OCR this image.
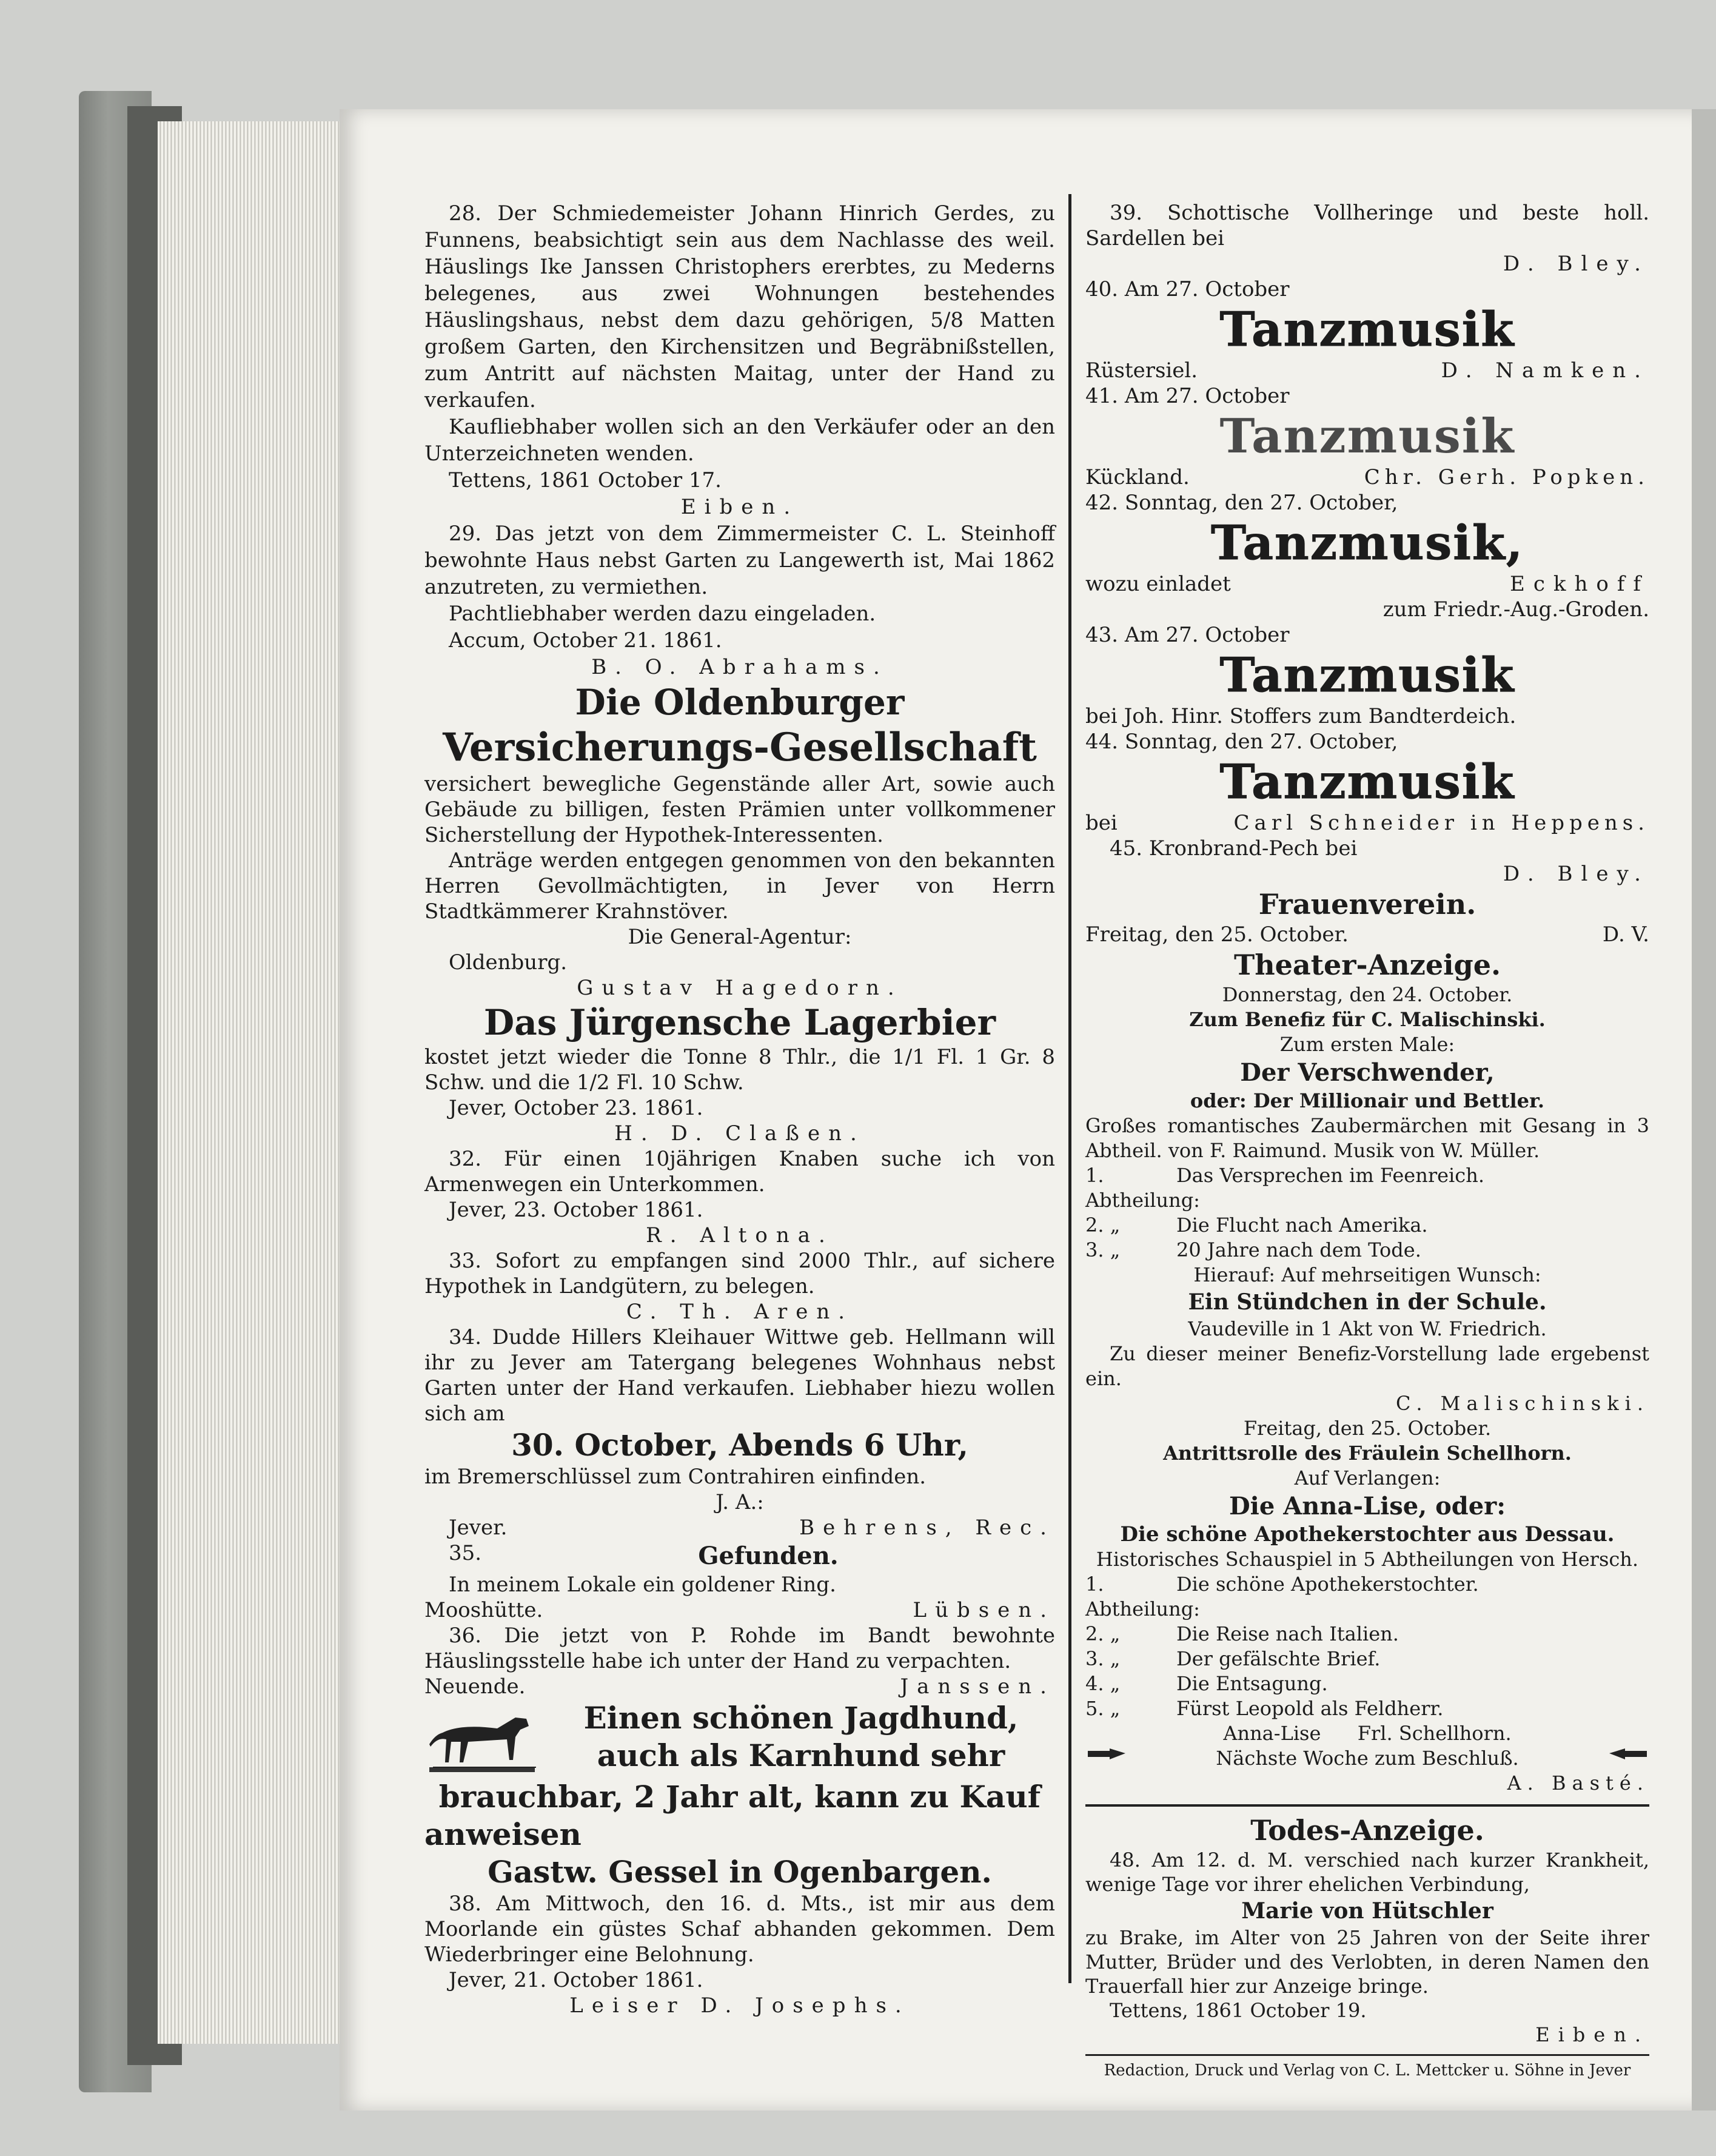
28. Der Schmiedemeister Johann Hinrich Gerdes, zu Funnens, beabsichtigt sein aus dem Nachlasse des weil. Häuslings Ike Janssen Christophers ererbtes, zu Mederns belegenes, aus zwei Wohnungen bestehendes Häuslingshaus, nebst dem dazu gehörigen, 5/8 Matten großem Garten, den Kirchensitzen und Begräbnißstellen, zum Antritt auf nächsten Maitag, unter der Hand zu verkaufen.

Kaufliebhaber wollen sich an den Verkäufer oder an den Unterzeichneten wenden.

Tettens, 1861 October 17.

Eiben.

29. Das jetzt von dem Zimmermeister C. L. Steinhoff bewohnte Haus nebst Garten zu Langewerth ist, Mai 1862 anzutreten, zu vermiethen.

Pachtliebhaber werden dazu eingeladen.

Accum, October 21. 1861.

B. O. Abrahams.

Die Oldenburger

Versicherungs-Gesellschaft

versichert bewegliche Gegenstände aller Art, sowie auch Gebäude zu billigen, festen Prämien unter vollkommener Sicherstellung der Hypothek-Interessenten.

Anträge werden entgegen genommen von den bekannten Herren Gevollmächtigten, in Jever von Herrn Stadtkämmerer Krahnstöver.

Die General-Agentur:

Oldenburg.

Gustav Hagedorn.

Das Jürgensche Lagerbier

kostet jetzt wieder die Tonne 8 Thlr., die 1/1 Fl. 1 Gr. 8 Schw. und die 1/2 Fl. 10 Schw.

Jever, October 23. 1861.

H. D. Claßen.

32. Für einen 10jährigen Knaben suche ich von Armenwegen ein Unterkommen.

Jever, 23. October 1861.

R. Altona.

33. Sofort zu empfangen sind 2000 Thlr., auf sichere Hypothek in Landgütern, zu belegen.

C. Th. Aren.

34. Dudde Hillers Kleihauer Wittwe geb. Hellmann will ihr zu Jever am Tatergang belegenes Wohnhaus nebst Garten unter der Hand verkaufen. Liebhaber hiezu wollen sich am

30. October, Abends 6 Uhr,

im Bremerschlüssel zum Contrahiren einfinden.

J. A.:

Jever.	Behrens, Rec.
35.	Gefunden.

In meinem Lokale ein goldener Ring.

Mooshütte.	Lübsen.

36. Die jetzt von P. Rohde im Bandt bewohnte Häuslingsstelle habe ich unter der Hand zu verpachten.

Neuende.	Janssen.

Einen schönen Jagdhund,

auch als Karnhund sehr

brauchbar, 2 Jahr alt, kann zu Kauf

anweisen

Gastw. Gessel in Ogenbargen.

38. Am Mittwoch, den 16. d. Mts., ist mir aus dem Moorlande ein güstes Schaf abhanden gekommen. Dem Wiederbringer eine Belohnung.

Jever, 21. October 1861.

Leiser D. Josephs.

39. Schottische Vollheringe und beste holl. Sardellen bei

D. Bley.

40. Am 27. October

Tanzmusik

Rüstersiel.	D. Namken.

41. Am 27. October

Tanzmusik

Kückland.	Chr. Gerh. Popken.

42. Sonntag, den 27. October,

Tanzmusik,

wozu einladet	Eckhoff

zum Friedr.-Aug.-Groden.

43. Am 27. October

Tanzmusik

bei Joh. Hinr. Stoffers zum Bandterdeich.

44. Sonntag, den 27. October,

Tanzmusik

bei	Carl Schneider in Heppens.

45. Kronbrand-Pech bei

D. Bley.

Frauenverein.

Freitag, den 25. October.	D. V.

Theater-Anzeige.

Donnerstag, den 24. October.

Zum Benefiz für C. Malischinski.

Zum ersten Male:

Der Verschwender,

oder: Der Millionair und Bettler.

Großes romantisches Zaubermärchen mit Gesang in 3 Abtheil. von F. Raimund. Musik von W. Müller.

1. Abtheilung:
Das Versprechen im Feenreich.
2. „	Die Flucht nach Amerika.
3. „	20 Jahre nach dem Tode.

Hierauf: Auf mehrseitigen Wunsch:

Ein Stündchen in der Schule.

Vaudeville in 1 Akt von W. Friedrich.

Zu dieser meiner Benefiz-Vorstellung lade ergebenst ein.

C. Malischinski.

Freitag, den 25. October.

Antrittsrolle des Fräulein Schellhorn.

Auf Verlangen:

Die Anna-Lise, oder:

Die schöne Apothekerstochter aus Dessau.

Historisches Schauspiel in 5 Abtheilungen von Hersch.

1. Abtheilung:
Die schöne Apothekerstochter.
2. „	Die Reise nach Italien.
3. „	Der gefälschte Brief.
4. „	Die Entsagung.
5. „	Fürst Leopold als Feldherr.
Anna-Lise Frl. Schellhorn.
Nächste Woche zum Beschluß.

A. Basté.

Todes-Anzeige.

48. Am 12. d. M. verschied nach kurzer Krankheit, wenige Tage vor ihrer ehelichen Verbindung,

Marie von Hütschler

zu Brake, im Alter von 25 Jahren von der Seite ihrer Mutter, Brüder und des Verlobten, in deren Namen den Trauerfall hier zur Anzeige bringe.

Tettens, 1861 October 19.

Eiben.

Redaction, Druck und Verlag von C. L. Mettcker u. Söhne in Jever
